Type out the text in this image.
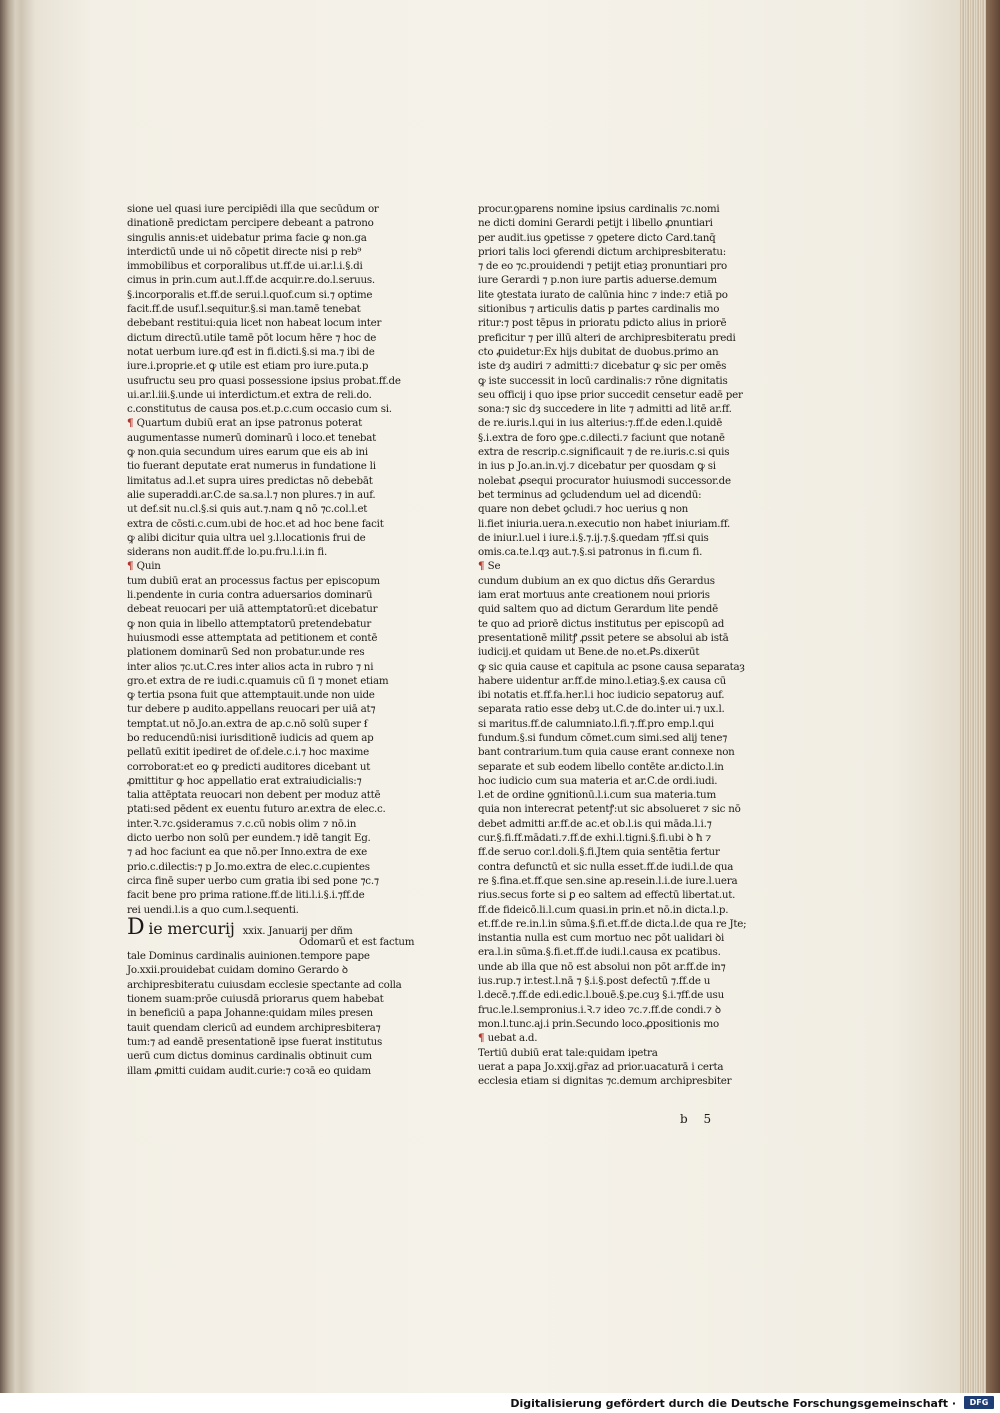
sione uel quasi iure percipiēdi illa que secūdum or
dinationē predictam percipere debeant a patrono
singulis annis:et uidebatur prima facie ꝙ non.ga
interdictū unde ui nō cōpetit directe nisi p reb⁹
immobilibus et corporalibus ut.ff.de ui.ar.l.i.§.di
cimus in prin.cum aut.l.ff.de acquir.re.do.l.seruus.
§.incorporalis et.ff.de serui.l.quof.cum si.⁊ optime
facit.ff.de usuf.l.sequitur.§.si man.tamē tenebat
debebant restitui:quia licet non habeat locum inter
dictum directū.utile tamē pōt locum hēre ⁊ hoc de
notat uerbum iure.qđ est in fi.dicti.§.si ma.⁊ ibi de
iure.i.proprie.et ꝙ utile est etiam pro iure.puta.p
usufructu seu pro quasi possessione ipsius probat.ff.de
ui.ar.l.iii.§.unde ui interdictum.et extra de reli.do.
c.constitutus de causa pos.et.p.c.cum occasio cum si.
¶ Quartum dubiū erat an ipse patronus poterat
augumentasse numerū dominarū i loco.et tenebat
ꝙ non.quia secundum uires earum que eis ab ini
tio fuerant deputate erat numerus in fundatione li
limitatus ad.l.et supra uires predictas nō debebāt
alie superaddi.ar.C.de sa.sa.l.⁊ non plures.⁊ in auf.
ut def.sit nu.cl.§.si quis aut.⁊.nam ꝗ nō ⁊c.col.l.et
extra de cōsti.c.cum.ubi de hoc.et ad hoc bene facit
ꝙ alibi dicitur quia ultra uel ȝ.l.locationis frui de
siderans non audit.ff.de lo.pu.fru.l.i.in fi.
¶ Quin
tum dubiū erat an processus factus per episcopum
li.pendente in curia contra aduersarios dominarū
debeat reuocari per uiā attemptatorū:et dicebatur
ꝙ non quia in libello attemptatorū pretendebatur
huiusmodi esse attemptata ad petitionem et contē
plationem dominarū Sed non probatur.unde res
inter alios ⁊c.ut.C.res inter alios acta in rubro ⁊ ni
gro.et extra de re iudi.c.quamuis cū ſi ⁊ monet etiam
ꝙ tertia psona fuit que attemptauit.unde non uide
tur debere p audito.appellans reuocari per uiā at⁊
temptat.ut nō.Jo.an.extra de ap.c.nō solū super ẜ
bo reducendū:nisi iurisditionē iudicis ad quem ap
pellatū exitit ipediret de of.dele.c.i.⁊ hoc maxime
corroborat:et eo ꝙ predicti auditores dicebant ut
ꝓmittitur ꝙ hoc appellatio erat extraiudicialis:⁊
talia attēptata reuocari non debent per moduz attē
ptati:sed pēdent ex euentu futuro ar.extra de elec.c.
inter.Ꝛ.⁊c.ꝯsideramus ⁊.c.cū nobis olim ⁊ nō.in
dicto uerbo non solū per eundem.⁊ idē tangit Eg.
⁊ ad hoc faciunt ea que nō.per Inno.extra de exe
prio.c.dilectis:⁊ p Jo.mo.extra de elec.c.cupientes
circa finē super uerbo cum gratia ibi sed pone ⁊c.⁊
facit bene pro prima ratione.ff.de liti.l.i.§.i.⁊ff.de
rei uendi.l.is a quo cum.l.sequenti.
D ie mercurij xxix. Januarij per dñm
Odomarū et est factum
tale Dominus cardinalis auinionen.tempore pape
Jo.xxii.prouidebat cuidam domino Gerardo ꝺ
archipresbiteratu cuiusdam ecclesie spectante ad colla
tionem suam:prōe cuiusdā priorarus quem habebat
in beneficiū a papa Johanne:quidam miles presen
tauit quendam clericū ad eundem archipresbitera⁊
tum:⁊ ad eandē presentationē ipse fuerat institutus
uerū cum dictus dominus cardinalis obtinuit cum
illam ꝓmitti cuidam audit.curie:⁊ coꝛā eo quidam
procur.ꝯparens nomine ipsius cardinalis ⁊c.nomi
ne dicti domini Gerardi petijt i libello ꝓnuntiari
per audit.ius ꝯpetisse ⁊ ꝯpetere dicto Card.tanq̄
priori talis loci ꝯferendi dictum archipresbiteratu:
⁊ de eo ⁊c.prouidendi ⁊ petijt etiaȝ pronuntiari pro
iure Gerardi ⁊ p.non iure partis aduerse.demum
lite ꝯtestata iurato de calūnia hinc ⁊ inde:⁊ etiā po
sitionibus ⁊ articulis datis p partes cardinalis mo
ritur:⁊ post tēpus in prioratu pdicto alius in priorē
preficitur ⁊ per illū alteri de archipresbiteratu predi
cto ꝓuidetur:Ex hijs dubitat de duobus.primo an
iste dȝ audiri ⁊ admitti:⁊ dicebatur ꝙ sic per omēs
ꝙ iste successit in locū cardinalis:⁊ rōne dignitatis
seu officij i quo ipse prior succedit censetur eadē per
sona:⁊ sic dȝ succedere in lite ⁊ admitti ad litē ar.ff.
de re.iuris.l.qui in ius alterius:⁊.ff.de eden.l.quidē
§.i.extra de foro ꝯpe.c.dilecti.⁊ faciunt que notanē
extra de rescrip.c.significauit ⁊ de re.iuris.c.si quis
in ius p Jo.an.in.vj.⁊ dicebatur per quosdam ꝙ si
nolebat ꝓsequi procurator huiusmodi successor.de
bet terminus ad ꝯcludendum uel ad dicendū:
quare non debet ꝯcludi.⁊ hoc uerius ꝗ non
li.fiet iniuria.uera.n.executio non habet iniuriam.ff.
de iniur.l.uel i iure.i.§.⁊.ij.⁊.§.quedam ⁊ff.si quis
omis.ca.te.l.qȝ aut.⁊.§.si patronus in fi.cum fi.
¶ Se
cundum dubium an ex quo dictus dñs Gerardus
iam erat mortuus ante creationem noui prioris
quid saltem quo ad dictum Gerardum lite pendē
te quo ad priorē dictus institutus per episcopū ad
presentationē militꝭ ꝓssit petere se absolui ab istā
iudicij.et quidam ut Bene.de no.et.Ꝑs.dixerūt
ꝙ sic quia cause et capitula ac psone causa separataȝ
habere uidentur ar.ff.de mino.l.etiaȝ.§.ex causa cū
ibi notatis et.ff.fa.her.l.i hoc iudicio sepatoruȝ auf.
separata ratio esse debȝ ut.C.de do.inter ui.⁊ ux.l.
si maritus.ff.de calumniato.l.fi.⁊.ff.pro emp.l.qui
fundum.§.si fundum cōmet.cum simi.sed alij tene⁊
bant contrarium.tum quia cause erant connexe non
separate et sub eodem libello contēte ar.dicto.l.in
hoc iudicio cum sua materia et ar.C.de ordi.iudi.
l.et de ordine ꝯgnitionū.l.i.cum sua materia.tum
quia non interecrat petentꝭ:ut sic absolueret ⁊ sic nō
debet admitti ar.ff.de ac.et ob.l.is qui māda.l.i.⁊
cur.§.fi.ff.mādati.⁊.ff.de exhi.l.tigni.§.fi.ubi ꝺ ħ ⁊
ff.de seruo cor.l.doli.§.fi.Jtem quia sentētia fertur
contra defunctū et sic nulla esset.ff.de iudi.l.de qua
re §.fina.et.ff.que sen.sine ap.resein.l.i.de iure.l.uera
rius.secus forte si ꝑ eo saltem ad effectū libertat.ut.
ff.de fideicō.li.l.cum quasi.in prin.et nō.in dicta.l.p.
et.ff.de re.in.l.in sūma.§.fi.et.ff.de dicta.l.de qua re Jte;
instantia nulla est cum mortuo nec pōt ualidari ꝺi
era.l.in sūma.§.fi.et.ff.de iudi.l.causa ex pcatibus.
unde ab illa que nō est absolui non pōt ar.ff.de in⁊
ius.rup.⁊ ir.test.l.nā ⁊ §.i.§.post defectū ⁊.ff.de u
l.decē.⁊.ff.de edi.edic.l.bouē.§.pe.cuȝ §.i.⁊ff.de usu
fruc.le.l.sempronius.i.Ꝛ.⁊ ideo ⁊c.⁊.ff.de condi.⁊ ꝺ
mon.l.tunc.aj.i prin.Secundo loco.ꝓpositionis mo
¶ uebat a.d.
Tertiū dubiū erat tale:quidam ipetra
uerat a papa Jo.xxij.gr̄az ad prior.uacaturā i certa
ecclesia etiam si dignitas ⁊c.demum archipresbiter
b 5
Digitalisierung gefördert durch die Deutsche Forschungsgemeinschaft ·	DFG
